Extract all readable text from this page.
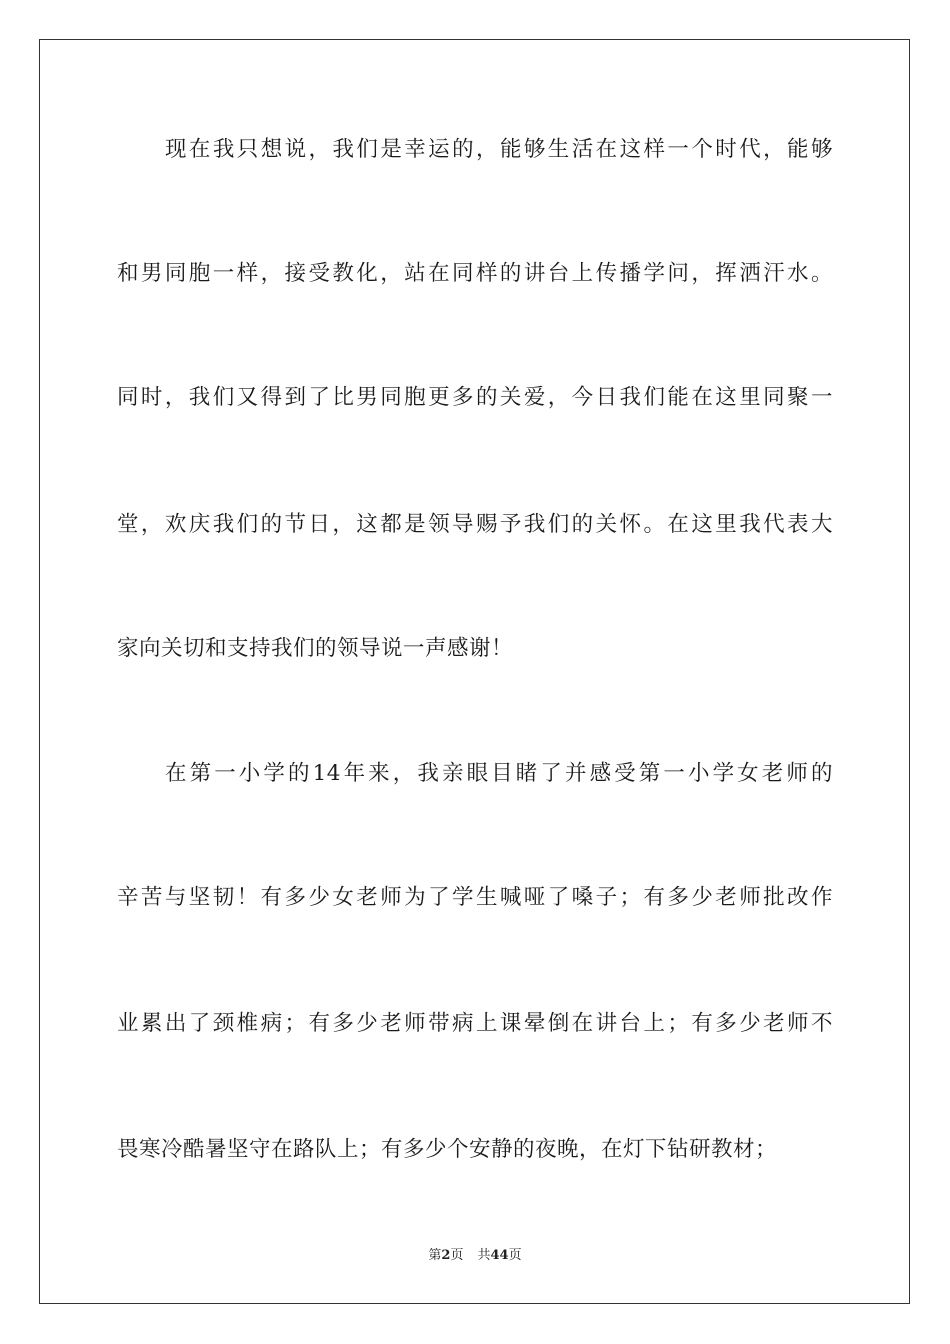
现在我只想说，我们是幸运的，能够生活在这样一个时代，能够
和男同胞一样，接受教化，站在同样的讲台上传播学问，挥洒汗水。
同时，我们又得到了比男同胞更多的关爱，今日我们能在这里同聚一
堂，欢庆我们的节日，这都是领导赐予我们的关怀。在这里我代表大
家向关切和支持我们的领导说一声感谢！
在第一小学的14年来，我亲眼目睹了并感受第一小学女老师的
辛苦与坚韧！有多少女老师为了学生喊哑了嗓子；有多少老师批改作
业累出了颈椎病；有多少老师带病上课晕倒在讲台上；有多少老师不
畏寒冷酷暑坚守在路队上；有多少个安静的夜晚，在灯下钻研教材；
第2页 共44页
